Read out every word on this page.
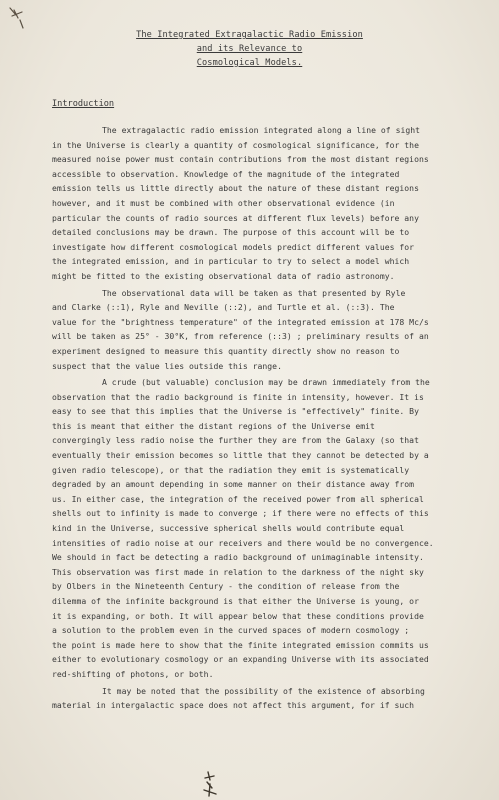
The Integrated Extragalactic Radio Emission
and its Relevance to
Cosmological Models.
Introduction
The extragalactic radio emission integrated along a line of sight
in the Universe is clearly a quantity of cosmological significance, for the
measured noise power must contain contributions from the most distant regions
accessible to observation. Knowledge of the magnitude of the integrated
emission tells us little directly about the nature of these distant regions
however, and it must be combined with other observational evidence (in
particular the counts of radio sources at different flux levels) before any
detailed conclusions may be drawn. The purpose of this account will be to
investigate how different cosmological models predict different values for
the integrated emission, and in particular to try to select a model which
might be fitted to the existing observational data of radio astronomy.
The observational data will be taken as that presented by Ryle
and Clarke (::1), Ryle and Neville (::2), and Turtle et al. (::3). The
value for the "brightness temperature" of the integrated emission at 178 Mc/s
will be taken as 25° - 30°K, from reference (::3) ; preliminary results of an
experiment designed to measure this quantity directly show no reason to
suspect that the value lies outside this range.
A crude (but valuable) conclusion may be drawn immediately from the
observation that the radio background is finite in intensity, however. It is
easy to see that this implies that the Universe is "effectively" finite. By
this is meant that either the distant regions of the Universe emit
convergingly less radio noise the further they are from the Galaxy (so that
eventually their emission becomes so little that they cannot be detected by a
given radio telescope), or that the radiation they emit is systematically
degraded by an amount depending in some manner on their distance away from
us. In either case, the integration of the received power from all spherical
shells out to infinity is made to converge ; if there were no effects of this
kind in the Universe, successive spherical shells would contribute equal
intensities of radio noise at our receivers and there would be no convergence.
We should in fact be detecting a radio background of unimaginable intensity.
This observation was first made in relation to the darkness of the night sky
by Olbers in the Nineteenth Century - the condition of release from the
dilemma of the infinite background is that either the Universe is young, or
it is expanding, or both. It will appear below that these conditions provide
a solution to the problem even in the curved spaces of modern cosmology ;
the point is made here to show that the finite integrated emission commits us
either to evolutionary cosmology or an expanding Universe with its associated
red-shifting of photons, or both.
It may be noted that the possibility of the existence of absorbing
material in intergalactic space does not affect this argument, for if such
